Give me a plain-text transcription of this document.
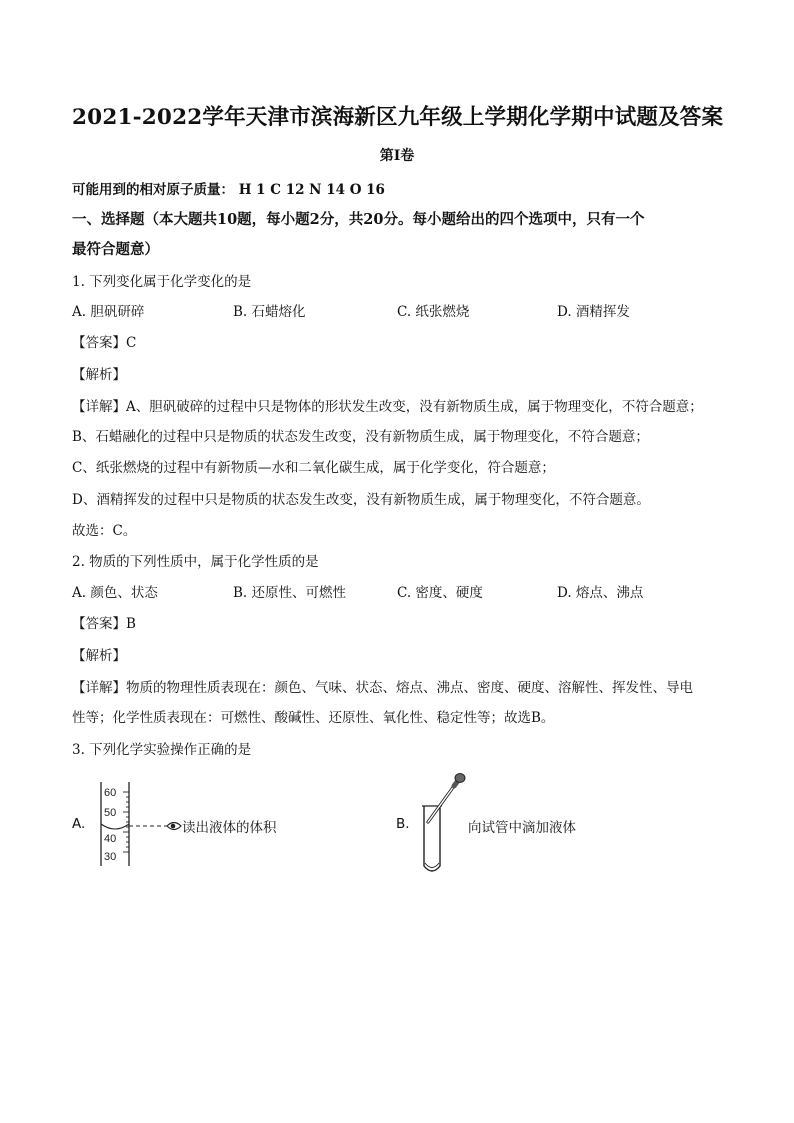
2021-2022学年天津市滨海新区九年级上学期化学期中试题及答案
第I卷
可能用到的相对原子质量： H 1 C 12 N 14 O 16
一、选择题（本大题共10题，每小题2分，共20分。每小题给出的四个选项中，只有一个
最符合题意）
1. 下列变化属于化学变化的是
A. 胆矾研碎	B. 石蜡熔化	C. 纸张燃烧	D. 酒精挥发
【答案】C
【解析】
【详解】A、胆矾破碎的过程中只是物体的形状发生改变，没有新物质生成，属于物理变化，不符合题意；
B、石蜡融化的过程中只是物质的状态发生改变，没有新物质生成，属于物理变化，不符合题意；
C、纸张燃烧的过程中有新物质—水和二氧化碳生成，属于化学变化，符合题意；
D、酒精挥发的过程中只是物质的状态发生改变，没有新物质生成，属于物理变化，不符合题意。
故选：C。
2. 物质的下列性质中，属于化学性质的是
A. 颜色、状态	B. 还原性、可燃性	C. 密度、硬度	D. 熔点、沸点
【答案】B
【解析】
【详解】物质的物理性质表现在：颜色、气味、状态、熔点、沸点、密度、硬度、溶解性、挥发性、导电
性等；化学性质表现在：可燃性、酸碱性、还原性、氧化性、稳定性等；故选B。
3. 下列化学实验操作正确的是
A.
60
50
40
30
读出液体的体积	B.	向试管中滴加液体
